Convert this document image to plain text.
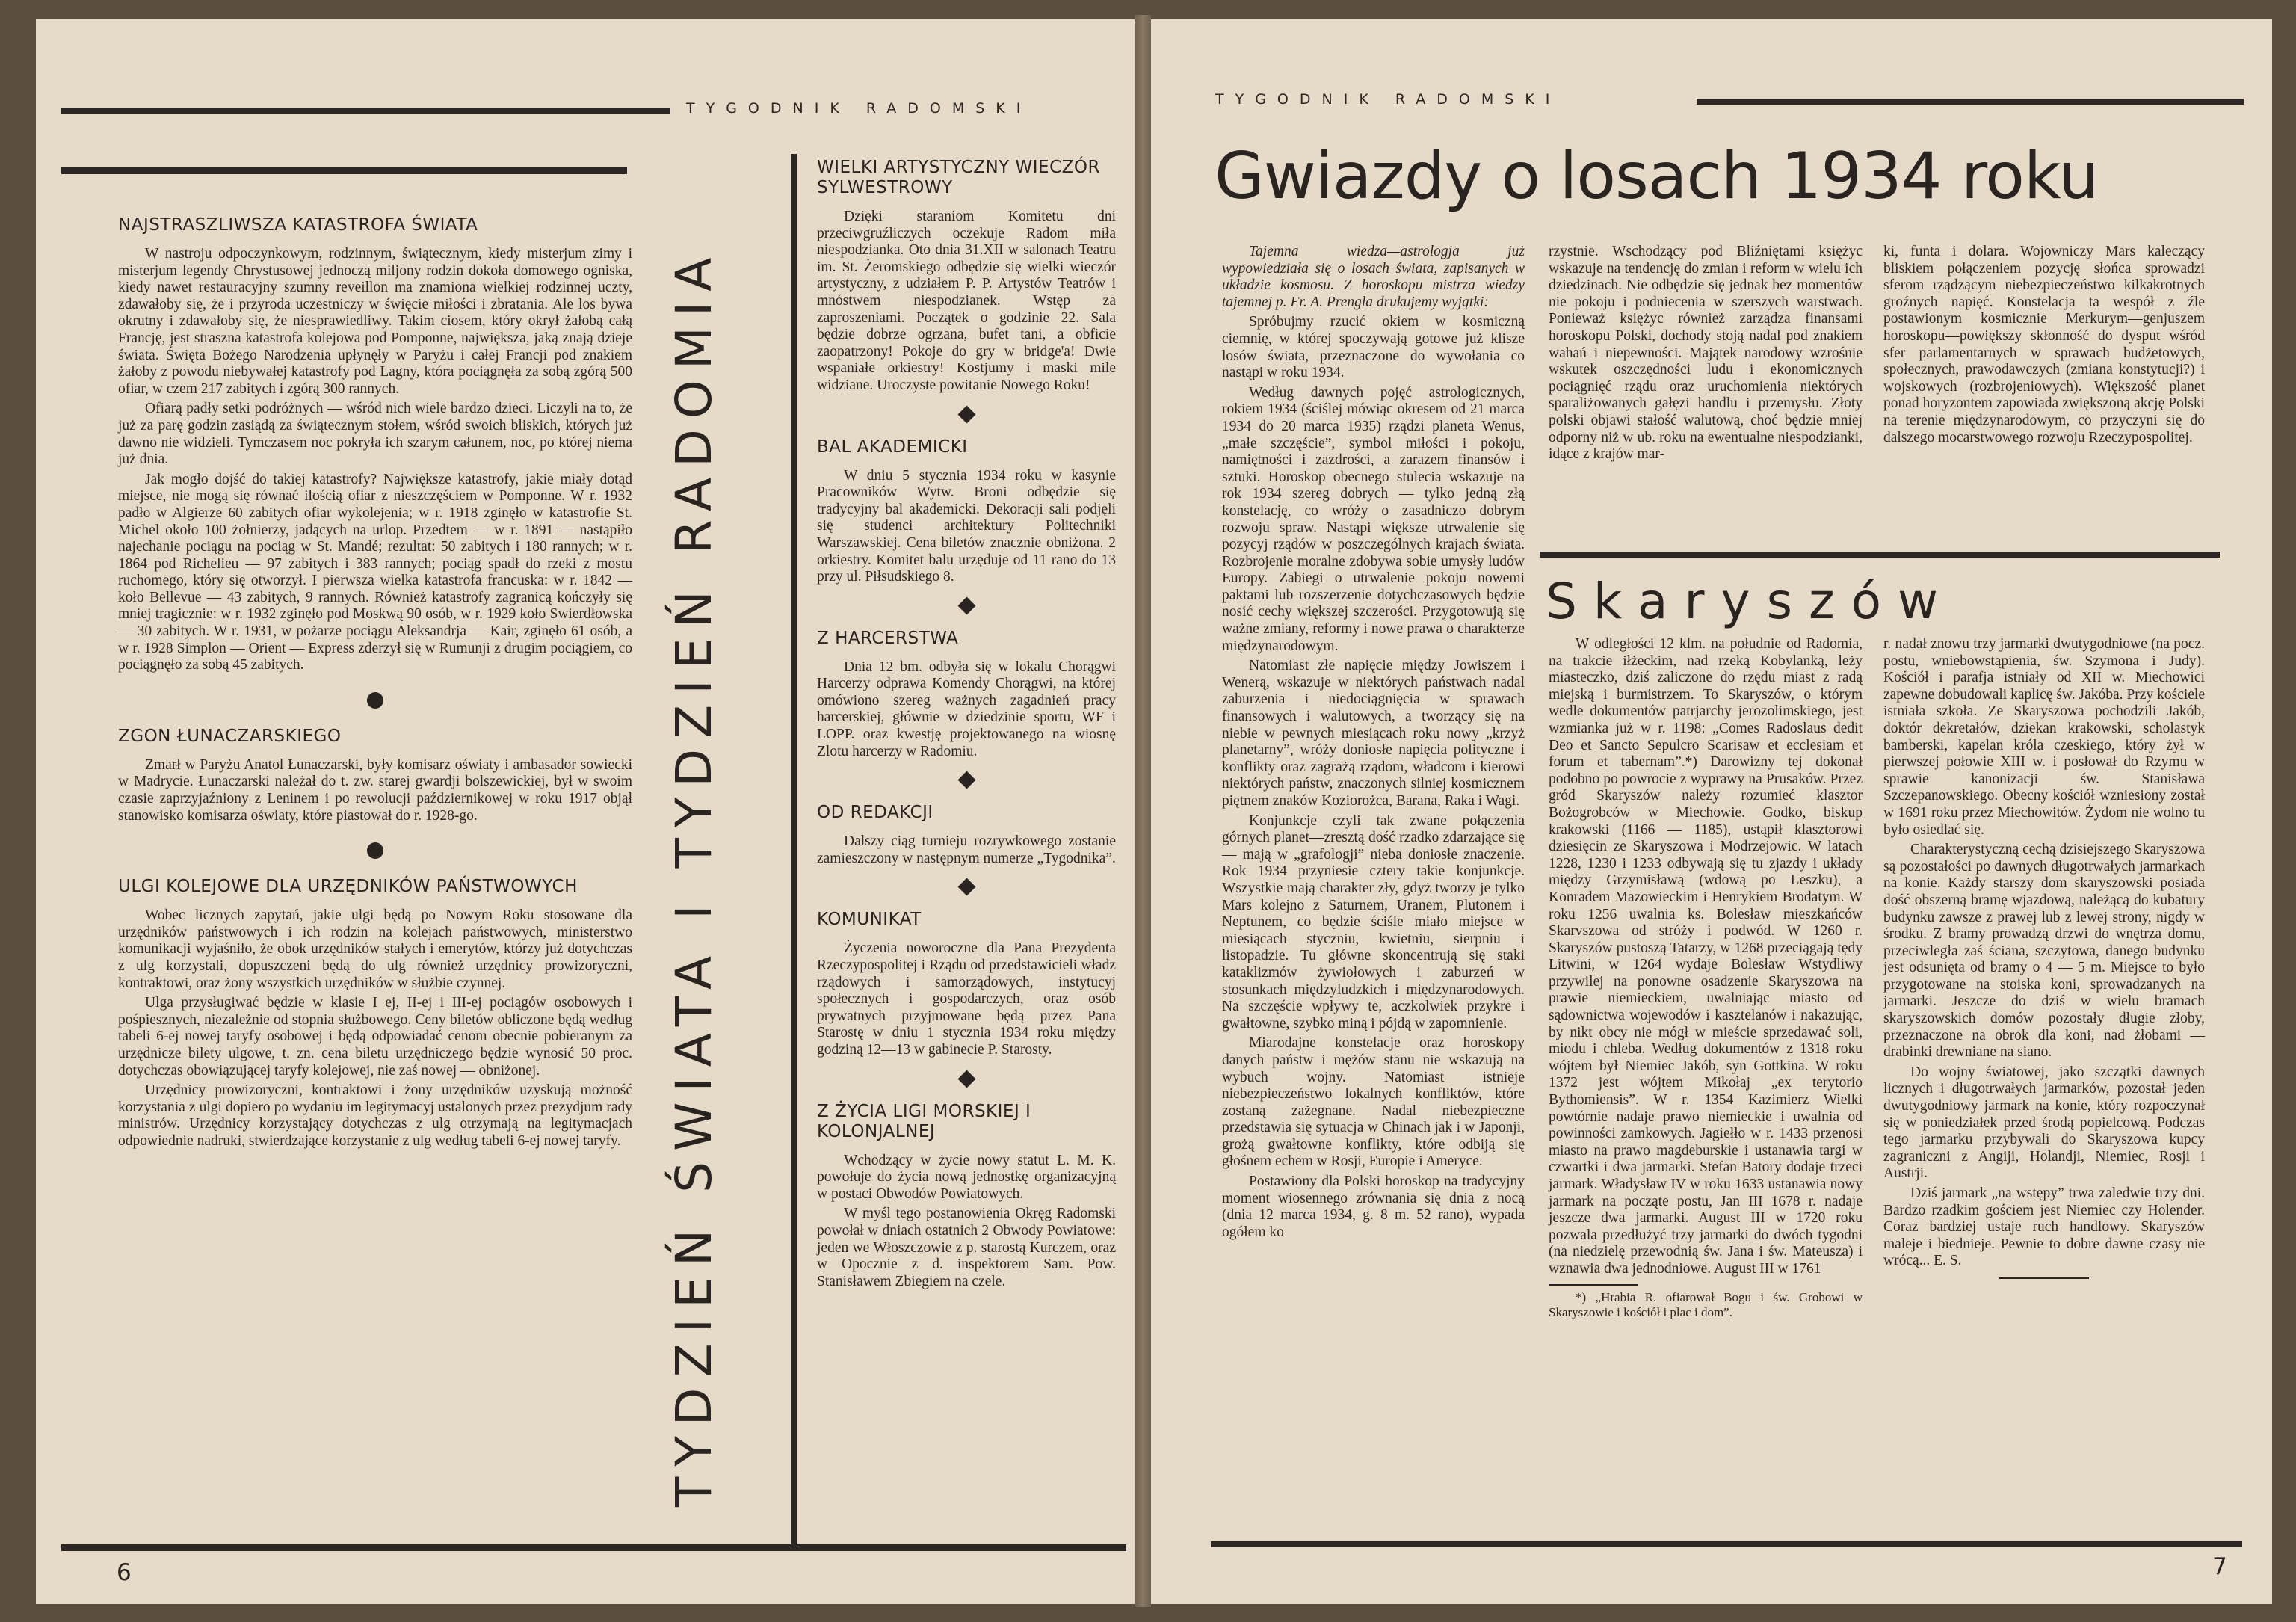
TYGODNIK RADOMSKI
NAJSTRASZLIWSZA KATASTROFA ŚWIATA

W nastroju odpoczynkowym, rodzinnym, świątecznym, kiedy misterjum zimy i misterjum legendy Chrystusowej jednoczą miljony rodzin dokoła domowego ogniska, kiedy nawet restauracyjny szumny reveillon ma znamiona wielkiej rodzinnej uczty, zdawałoby się, że i przyroda uczestniczy w święcie miłości i zbratania. Ale los bywa okrutny i zdawałoby się, że niesprawiedliwy. Takim ciosem, który okrył żałobą całą Francję, jest straszna katastrofa kolejowa pod Pomponne, największa, jaką znają dzieje świata. Święta Bożego Narodzenia upłynęły w Paryżu i całej Francji pod znakiem żałoby z powodu niebywałej katastrofy pod Lagny, która pociągnęła za sobą zgórą 500 ofiar, w czem 217 zabitych i zgórą 300 rannych.

Ofiarą padły setki podróżnych — wśród nich wiele bardzo dzieci. Liczyli na to, że już za parę godzin zasiądą za świątecznym stołem, wśród swoich bliskich, których już dawno nie widzieli. Tymczasem noc pokryła ich szarym całunem, noc, po której niema już dnia.

Jak mogło dojść do takiej katastrofy? Największe katastrofy, jakie miały dotąd miejsce, nie mogą się równać ilością ofiar z nieszczęściem w Pomponne. W r. 1932 padło w Algierze 60 zabitych ofiar wykolejenia; w r. 1918 zginęło w katastrofie St. Michel około 100 żołnierzy, jadących na urlop. Przedtem — w r. 1891 — nastąpiło najechanie pociągu na pociąg w St. Mandé; rezultat: 50 zabitych i 180 rannych; w r. 1864 pod Richelieu — 97 zabitych i 383 rannych; pociąg spadł do rzeki z mostu ruchomego, który się otworzył. I pierwsza wielka katastrofa francuska: w r. 1842 — koło Bellevue — 43 zabitych, 9 rannych. Również katastrofy zagranicą kończyły się mniej tragicznie: w r. 1932 zginęło pod Moskwą 90 osób, w r. 1929 koło Swierdłowska — 30 zabitych. W r. 1931, w pożarze pociągu Aleksandrja — Kair, zginęło 61 osób, a w r. 1928 Simplon — Orient — Express zderzył się w Rumunji z drugim pociągiem, co pociągnęło za sobą 45 zabitych.

ZGON ŁUNACZARSKIEGO

Zmarł w Paryżu Anatol Łunaczarski, były komisarz oświaty i ambasador sowiecki w Madrycie. Łunaczarski należał do t. zw. starej gwardji bolszewickiej, był w swoim czasie zaprzyjaźniony z Leninem i po rewolucji październikowej w roku 1917 objął stanowisko komisarza oświaty, które piastował do r. 1928-go.

ULGI KOLEJOWE DLA URZĘDNIKÓW PAŃSTWOWYCH

Wobec licznych zapytań, jakie ulgi będą po Nowym Roku stosowane dla urzędników państwowych i ich rodzin na kolejach państwowych, ministerstwo komunikacji wyjaśniło, że obok urzędników stałych i emerytów, którzy już dotychczas z ulg korzystali, dopuszczeni będą do ulg również urzędnicy prowizoryczni, kontraktowi, oraz żony wszystkich urzędników w służbie czynnej.

Ulga przysługiwać będzie w klasie I ej, II-ej i III-ej pociągów osobowych i pośpiesznych, niezależnie od stopnia służbowego. Ceny biletów obliczone będą według tabeli 6-ej nowej taryfy osobowej i będą odpowiadać cenom obecnie pobieranym za urzędnicze bilety ulgowe, t. zn. cena biletu urzędniczego będzie wynosić 50 proc. dotychczas obowiązującej taryfy kolejowej, nie zaś nowej — obniżonej.

Urzędnicy prowizoryczni, kontraktowi i żony urzędników uzyskują możność korzystania z ulgi dopiero po wydaniu im legitymacyj ustalonych przez prezydjum rady ministrów. Urzędnicy korzystający dotychczas z ulg otrzymają na legitymacjach odpowiednie nadruki, stwierdzające korzystanie z ulg według tabeli 6-ej nowej taryfy. TYDZIEŃ ŚWIATA I TYDZIEŃ RADOMIA
WIELKI ARTYSTYCZNY WIECZÓR SYLWESTROWY

Dzięki staraniom Komitetu dni przeciwgruźliczych oczekuje Radom miła niespodzianka. Oto dnia 31.XII w salonach Teatru im. St. Żeromskiego odbędzie się wielki wieczór artystyczny, z udziałem P. P. Artystów Teatrów i mnóstwem niespodzianek. Wstęp za zaproszeniami. Początek o godzinie 22. Sala będzie dobrze ogrzana, bufet tani, a obficie zaopatrzony! Pokoje do gry w bridge'a! Dwie wspaniałe orkiestry! Kostjumy i maski mile widziane. Uroczyste powitanie Nowego Roku!

BAL AKADEMICKI

W dniu 5 stycznia 1934 roku w kasynie Pracowników Wytw. Broni odbędzie się tradycyjny bal akademicki. Dekoracji sali podjęli się studenci architektury Politechniki Warszawskiej. Cena biletów znacznie obniżona. 2 orkiestry. Komitet balu urzęduje od 11 rano do 13 przy ul. Piłsudskiego 8.

Z HARCERSTWA

Dnia 12 bm. odbyła się w lokalu Chorągwi Harcerzy odprawa Komendy Chorągwi, na której omówiono szereg ważnych zagadnień pracy harcerskiej, głównie w dziedzinie sportu, WF i LOPP. oraz kwestję projektowanego na wiosnę Zlotu harcerzy w Radomiu.

OD REDAKCJI

Dalszy ciąg turnieju rozrywkowego zostanie zamieszczony w następnym numerze „Tygodnika”.

KOMUNIKAT

Życzenia noworoczne dla Pana Prezydenta Rzeczypospolitej i Rządu od przedstawicieli władz rządowych i samorządowych, instytucyj społecznych i gospodarczych, oraz osób prywatnych przyjmowane będą przez Pana Starostę w dniu 1 stycznia 1934 roku między godziną 12—13 w gabinecie P. Starosty.

Z ŻYCIA LIGI MORSKIEJ I KOLONJALNEJ

Wchodzący w życie nowy statut L. M. K. powołuje do życia nową jednostkę organizacyjną w postaci Obwodów Powiatowych.

W myśl tego postanowienia Okręg Radomski powołał w dniach ostatnich 2 Obwody Powiatowe: jeden we Włoszczowie z p. starostą Kurczem, oraz w Opocznie z d. inspektorem Sam. Pow. Stanisławem Zbiegiem na czele.

6
TYGODNIK RADOMSKI
Gwiazdy o losach 1934 roku

Tajemna wiedza—astrologja już wypowiedziała się o losach świata, zapisanych w układzie kosmosu. Z horoskopu mistrza wiedzy tajemnej p. Fr. A. Prengla drukujemy wyjątki:

Spróbujmy rzucić okiem w kosmiczną ciemnię, w której spoczywają gotowe już klisze losów świata, przeznaczone do wywołania co nastąpi w roku 1934.

Według dawnych pojęć astrologicznych, rokiem 1934 (ściślej mówiąc okresem od 21 marca 1934 do 20 marca 1935) rządzi planeta Wenus, „małe szczęście”, symbol miłości i pokoju, namiętności i zazdrości, a zarazem finansów i sztuki. Horoskop obecnego stulecia wskazuje na rok 1934 szereg dobrych — tylko jedną złą konstelację, co wróży o zasadniczo dobrym rozwoju spraw. Nastąpi większe utrwalenie się pozycyj rządów w poszczególnych krajach świata. Rozbrojenie moralne zdobywa sobie umysły ludów Europy. Zabiegi o utrwalenie pokoju nowemi paktami lub rozszerzenie dotychczasowych będzie nosić cechy większej szczerości. Przygotowują się ważne zmiany, reformy i nowe prawa o charakterze międzynarodowym.

Natomiast złe napięcie między Jowiszem i Wenerą, wskazuje w niektórych państwach nadal zaburzenia i niedociągnięcia w sprawach finansowych i walutowych, a tworzący się na niebie w pewnych miesiącach roku nowy „krzyż planetarny”, wróży doniosłe napięcia polityczne i konflikty oraz zagrażą rządom, władcom i kierowi niektórych państw, znaczonych silniej kosmicznem piętnem znaków Koziorożca, Barana, Raka i Wagi.

Konjunkcje czyli tak zwane połączenia górnych planet—zresztą dość rzadko zdarzające się — mają w „grafologji” nieba doniosłe znaczenie. Rok 1934 przyniesie cztery takie konjunkcje. Wszystkie mają charakter zły, gdyż tworzy je tylko Mars kolejno z Saturnem, Uranem, Plutonem i Neptunem, co będzie ściśle miało miejsce w miesiącach styczniu, kwietniu, sierpniu i listopadzie. Tu główne skoncentrują się staki kataklizmów żywiołowych i zaburzeń w stosunkach międzyludzkich i międzynarodowych. Na szczęście wpływy te, aczkolwiek przykre i gwałtowne, szybko miną i pójdą w zapomnienie.

Miarodajne konstelacje oraz horoskopy danych państw i mężów stanu nie wskazują na wybuch wojny. Natomiast istnieje niebezpieczeństwo lokalnych konfliktów, które zostaną zażegnane. Nadal niebezpieczne przedstawia się sytuacja w Chinach jak i w Japonji, grożą gwałtowne konflikty, które odbiją się głośnem echem w Rosji, Europie i Ameryce.

Postawiony dla Polski horoskop na tradycyjny moment wiosennego zrównania się dnia z nocą (dnia 12 marca 1934, g. 8 m. 52 rano), wypada ogółem ko

rzystnie. Wschodzący pod Bliźniętami księżyc wskazuje na tendencję do zmian i reform w wielu ich dziedzinach. Nie odbędzie się jednak bez momentów nie pokoju i podniecenia w szerszych warstwach. Ponieważ księżyc również zarządza finansami horoskopu Polski, dochody stoją nadal pod znakiem wahań i niepewności. Majątek narodowy wzrośnie wskutek oszczędności ludu i ekonomicznych pociągnięć rządu oraz uruchomienia niektórych sparaliżowanych gałęzi handlu i przemysłu. Złoty polski objawi stałość walutową, choć będzie mniej odporny niż w ub. roku na ewentualne niespodzianki, idące z krajów mar-

ki, funta i dolara. Wojowniczy Mars kaleczący bliskiem połączeniem pozycję słońca sprowadzi sferom rządzącym niebezpieczeństwo kilkakrotnych groźnych napięć. Konstelacja ta wespół z źle postawionym kosmicznie Merkurym—genjuszem horoskopu—powiększy skłonność do dysput wśród sfer parlamentarnych w sprawach budżetowych, społecznych, prawodawczych (zmiana konstytucji?) i wojskowych (rozbrojeniowych). Większość planet ponad horyzontem zapowiada zwiększoną akcję Polski na terenie międzynarodowym, co przyczyni się do dalszego mocarstwowego rozwoju Rzeczypospolitej.

Skaryszów

W odległości 12 klm. na południe od Radomia, na trakcie iłżeckim, nad rzeką Kobylanką, leży miasteczko, dziś zaliczone do rzędu miast z radą miejską i burmistrzem. To Skaryszów, o którym wedle dokumentów patrjarchy jerozolimskiego, jest wzmianka już w r. 1198: „Comes Radoslaus dedit Deo et Sancto Sepulcro Scarisaw et ecclesiam et forum et tabernam”.*) Darowizny tej dokonał podobno po powrocie z wyprawy na Prusaków. Przez gród Skaryszów należy rozumieć klasztor Bożogrobców w Miechowie. Godko, biskup krakowski (1166 — 1185), ustąpił klasztorowi dziesięcin ze Skaryszowa i Modrzejowic. W latach 1228, 1230 i 1233 odbywają się tu zjazdy i układy między Grzymisławą (wdową po Leszku), a Konradem Mazowieckim i Henrykiem Brodatym. W roku 1256 uwalnia ks. Bolesław mieszkańców Skarvszowa od stróży i podwód. W 1260 r. Skaryszów pustoszą Tatarzy, w 1268 przeciągają tędy Litwini, w 1264 wydaje Bolesław Wstydliwy przywilej na ponowne osadzenie Skaryszowa na prawie niemieckiem, uwalniając miasto od sądownictwa wojewodów i kasztelanów i nakazując, by nikt obcy nie mógł w mieście sprzedawać soli, miodu i chleba. Według dokumentów z 1318 roku wójtem był Niemiec Jakób, syn Gottkina. W roku 1372 jest wójtem Mikołaj „ex terytorio Bythomiensis”. W r. 1354 Kazimierz Wielki powtórnie nadaje prawo niemieckie i uwalnia od powinności zamkowych. Jagiełło w r. 1433 przenosi miasto na prawo magdeburskie i ustanawia targi w czwartki i dwa jarmarki. Stefan Batory dodaje trzeci jarmark. Władysław IV w roku 1633 ustanawia nowy jarmark na począte postu, Jan III 1678 r. nadaje jeszcze dwa jarmarki. August III w 1720 roku pozwala przedłużyć trzy jarmarki do dwóch tygodni (na niedzielę przewodnią św. Jana i św. Mateusza) i wznawia dwa jednodniowe. August III w 1761

*) „Hrabia R. ofiarował Bogu i św. Grobowi w Skaryszowie i kościół i plac i dom”.

r. nadał znowu trzy jarmarki dwutygodniowe (na pocz. postu, wniebowstąpienia, św. Szymona i Judy). Kościół i parafja istniały od XII w. Miechowici zapewne dobudowali kaplicę św. Jakóba. Przy kościele istniała szkoła. Ze Skaryszowa pochodzili Jakób, doktór dekretałów, dziekan krakowski, scholastyk bamberski, kapelan króla czeskiego, który żył w pierwszej połowie XIII w. i posłował do Rzymu w sprawie kanonizacji św. Stanisława Szczepanowskiego. Obecny kościół wzniesiony został w 1691 roku przez Miechowitów. Żydom nie wolno tu było osiedlać się.

Charakterystyczną cechą dzisiejszego Skaryszowa są pozostałości po dawnych długotrwałych jarmarkach na konie. Każdy starszy dom skaryszowski posiada dość obszerną bramę wjazdową, należącą do kubatury budynku zawsze z prawej lub z lewej strony, nigdy w środku. Z bramy prowadzą drzwi do wnętrza domu, przeciwległa zaś ściana, szczytowa, danego budynku jest odsunięta od bramy o 4 — 5 m. Miejsce to było przygotowane na stoiska koni, sprowadzanych na jarmarki. Jeszcze do dziś w wielu bramach skaryszowskich domów pozostały długie żłoby, przeznaczone na obrok dla koni, nad żłobami — drabinki drewniane na siano.

Do wojny światowej, jako szczątki dawnych licznych i długotrwałych jarmarków, pozostał jeden dwutygodniowy jarmark na konie, który rozpoczynał się w poniedziałek przed środą popielcową. Podczas tego jarmarku przybywali do Skaryszowa kupcy zagraniczni z Angiji, Holandji, Niemiec, Rosji i Austrji.

Dziś jarmark „na wstępy” trwa zaledwie trzy dni. Bardzo rzadkim gościem jest Niemiec czy Holender. Coraz bardziej ustaje ruch handlowy. Skaryszów maleje i biednieje. Pewnie to dobre dawne czasy nie wrócą... E. S.

7
